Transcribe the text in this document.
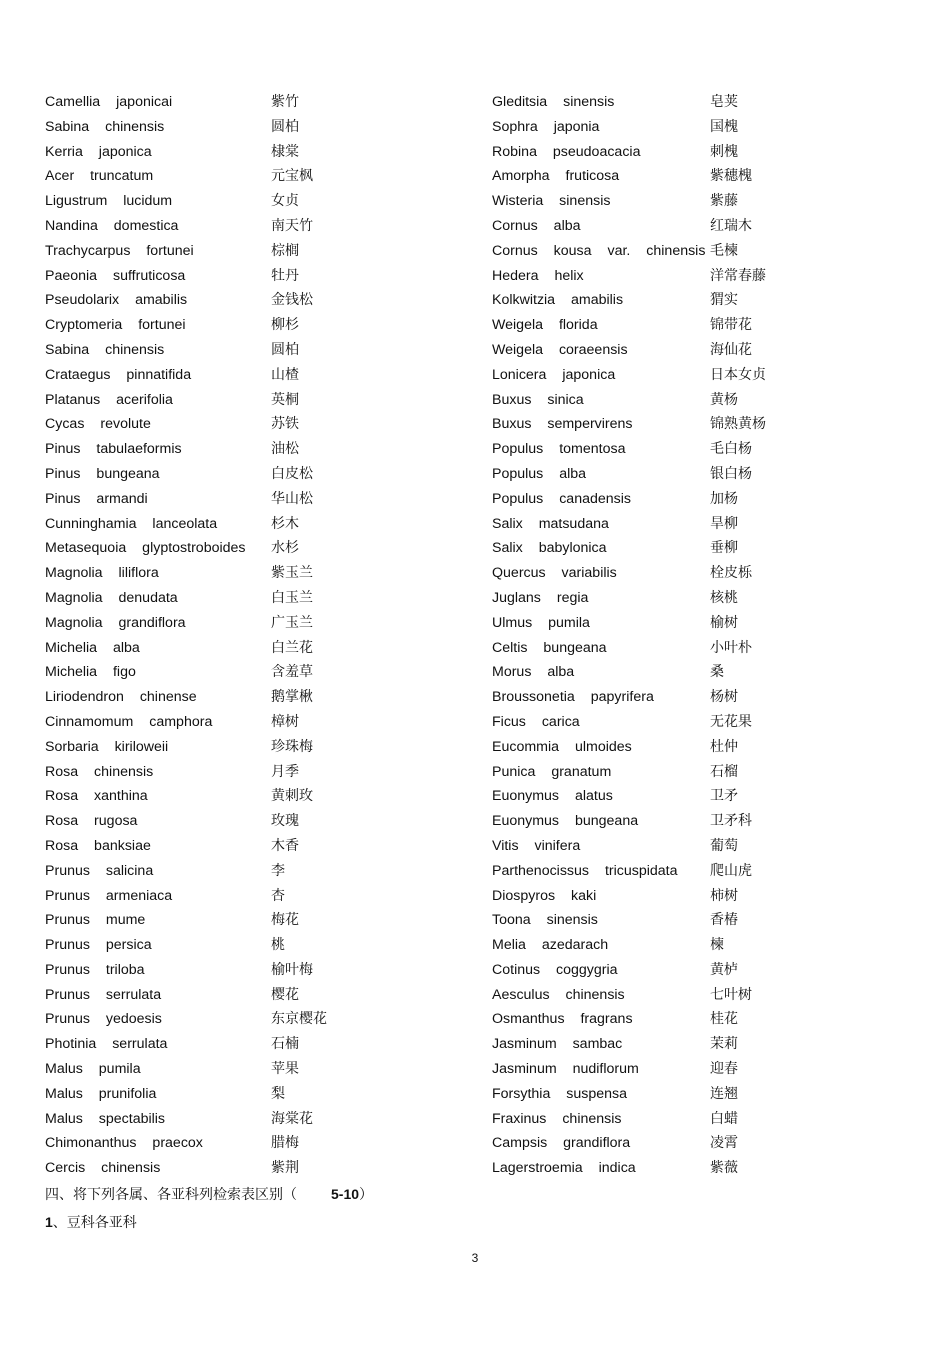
Camellia japonicai	紫竹
Sabina chinensis	圆柏
Kerria japonica	棣棠
Acer truncatum	元宝枫
Ligustrum lucidum	女贞
Nandina domestica	南天竹
Trachycarpus fortunei	棕榈
Paeonia suffruticosa	牡丹
Pseudolarix amabilis	金钱松
Cryptomeria fortunei	柳杉
Sabina chinensis	圆柏
Crataegus pinnatifida	山楂
Platanus acerifolia	英桐
Cycas revolute	苏铁
Pinus tabulaeformis	油松
Pinus bungeana	白皮松
Pinus armandi	华山松
Cunninghamia lanceolata	杉木
Metasequoia glyptostroboides 水杉
Magnolia liliflora	紫玉兰
Magnolia denudata	白玉兰
Magnolia grandiflora	广玉兰
Michelia alba	白兰花
Michelia figo	含羞草
Liriodendron chinense	鹅掌楸
Cinnamomum camphora	樟树
Sorbaria kiriloweii	珍珠梅
Rosa chinensis	月季
Rosa xanthina	黄刺玫
Rosa rugosa	玫瑰
Rosa banksiae	木香
Prunus salicina	李
Prunus armeniaca	杏
Prunus mume	梅花
Prunus persica	桃
Prunus triloba	榆叶梅
Prunus serrulata	樱花
Prunus yedoesis	东京樱花
Photinia serrulata	石楠
Malus pumila	苹果
Malus prunifolia	梨
Malus spectabilis	海棠花
Chimonanthus praecox	腊梅
Cercis chinensis	紫荆
Gleditsia sinensis	皂荚
Sophra japonia	国槐
Robina pseudoacacia	刺槐
Amorpha fruticosa	紫穗槐
Wisteria sinensis	紫藤
Cornus alba	红瑞木
Cornus kousa var. chinensis 毛楝
Hedera helix	洋常春藤
Kolkwitzia amabilis	猬实
Weigela florida	锦带花
Weigela coraeensis	海仙花
Lonicera japonica	日本女贞
Buxus sinica	黄杨
Buxus sempervirens	锦熟黄杨
Populus tomentosa	毛白杨
Populus alba	银白杨
Populus canadensis	加杨
Salix matsudana	旱柳
Salix babylonica	垂柳
Quercus variabilis	栓皮栎
Juglans regia	核桃
Ulmus pumila	榆树
Celtis bungeana	小叶朴
Morus alba	桑
Broussonetia papyrifera	杨树
Ficus carica	无花果
Eucommia ulmoides	杜仲
Punica granatum	石榴
Euonymus alatus	卫矛
Euonymus bungeana	卫矛科
Vitis vinifera	葡萄
Parthenocissus tricuspidata 爬山虎
Diospyros kaki	柿树
Toona sinensis	香椿
Melia azedarach	楝
Cotinus coggygria	黄栌
Aesculus chinensis	七叶树
Osmanthus fragrans	桂花
Jasminum sambac	茉莉
Jasminum nudiflorum	迎春
Forsythia suspensa	连翘
Fraxinus chinensis	白蜡
Campsis grandiflora	凌霄
Lagerstroemia indica	紫薇
四、将下列各属、各亚科列检索表区别（ 5-10）
1、豆科各亚科
3
